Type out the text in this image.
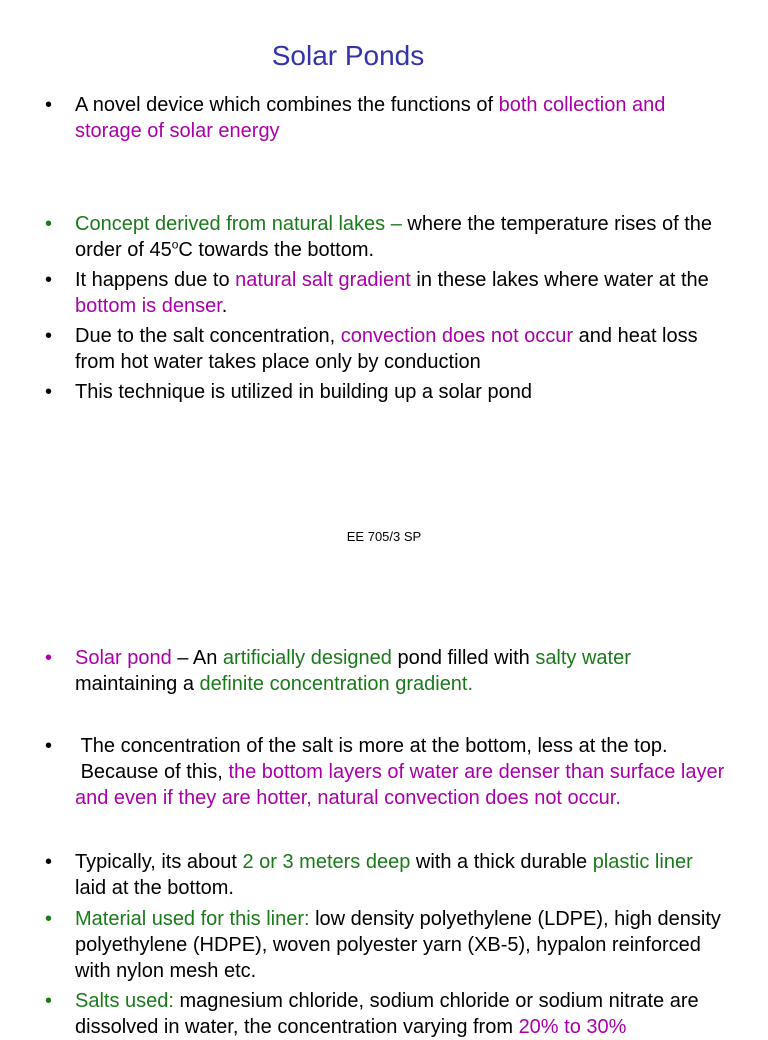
Solar Ponds
• A novel device which combines the functions of both collection and storage of solar energy
• Concept derived from natural lakes – where the temperature rises of the order of 45$^o$C towards the bottom.
• It happens due to natural salt gradient in these lakes where water at the bottom is denser.
• Due to the salt concentration, convection does not occur and heat loss from hot water takes place only by conduction
• This technique is utilized in building up a solar pond
EE 705/3 SP
• Solar pond – An artificially designed pond filled with salty water maintaining a definite concentration gradient.
• The concentration of the salt is more at the bottom, less at the top.
Because of this, the bottom layers of water are denser than surface layer and even if they are hotter, natural convection does not occur.
• Typically, its about 2 or 3 meters deep with a thick durable plastic liner laid at the bottom.
• Material used for this liner: low density polyethylene (LDPE), high density polyethylene (HDPE), woven polyester yarn (XB-5), hypalon reinforced with nylon mesh etc.
• Salts used: magnesium chloride, sodium chloride or sodium nitrate are dissolved in water, the concentration varying from 20% to 30%
